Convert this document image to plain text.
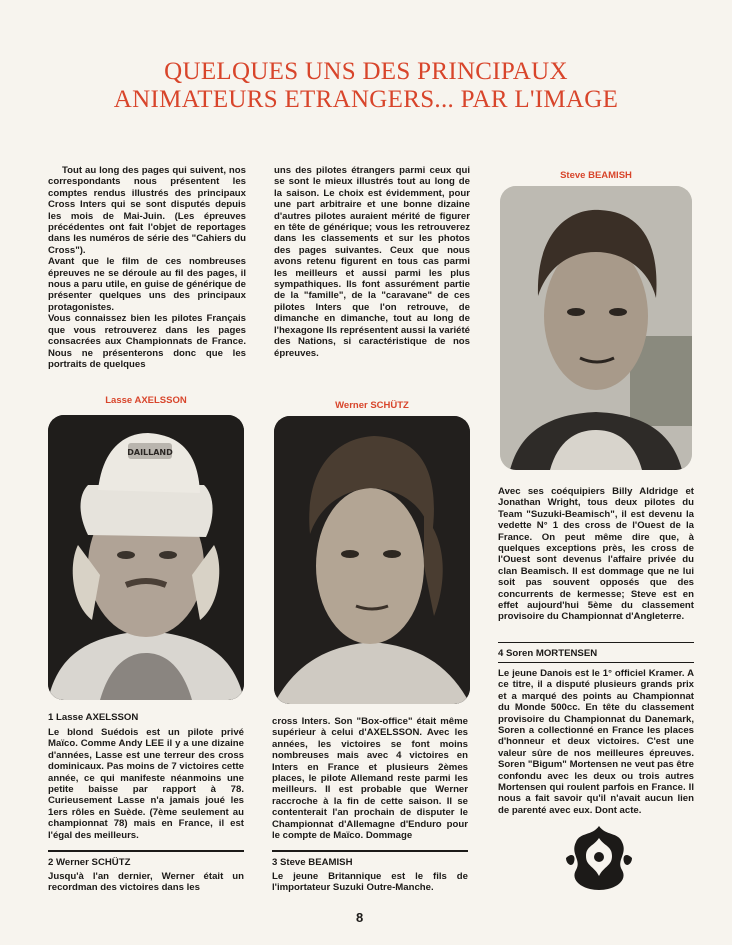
QUELQUES UNS DES PRINCIPAUX
ANIMATEURS ETRANGERS... PAR L'IMAGE

Tout au long des pages qui suivent, nos correspondants nous présentent les comptes rendus illustrés des principaux Cross Inters qui se sont disputés depuis les mois de Mai-Juin. (Les épreuves précédentes ont fait l'objet de reportages dans les numéros de série des "Cahiers du Cross").

Avant que le film de ces nombreuses épreuves ne se déroule au fil des pages, il nous a paru utile, en guise de générique de présenter quelques uns des principaux protagonistes.

Vous connaissez bien les pilotes Français que vous retrouverez dans les pages consacrées aux Championnats de France. Nous ne présenterons donc que les portraits de quelques

uns des pilotes étrangers parmi ceux qui se sont le mieux illustrés tout au long de la saison. Le choix est évidemment, pour une part arbitraire et une bonne dizaine d'autres pilotes auraient mérité de figurer en tête de générique; vous les retrouverez dans les classements et sur les photos des pages suivantes. Ceux que nous avons retenu figurent en tous cas parmi les meilleurs et aussi parmi les plus sympathiques. Ils font assurément partie de la "famille", de la "caravane" de ces pilotes Inters que l'on retrouve, de dimanche en dimanche, tout au long de l'hexagone Ils représentent aussi la variété des Nations, si caractéristique de nos épreuves.

Steve BEAMISH
Lasse AXELSSON
DAILLAND
Werner SCHÜTZ

Avec ses coéquipiers Billy Aldridge et Jonathan Wright, tous deux pilotes du Team "Suzuki-Beamisch", il est devenu la vedette N° 1 des cross de l'Ouest de la France. On peut même dire que, à quelques exceptions près, les cross de l'Ouest sont devenus l'affaire privée du clan Beamisch. Il est dommage que ne lui soit pas souvent opposés que des concurrents de kermesse; Steve est en effet aujourd'hui 5ème du classement provisoire du Championnat d'Angleterre.

4 Soren MORTENSEN

Le jeune Danois est le 1° officiel Kramer. A ce titre, il a disputé plusieurs grands prix et a marqué des points au Championnat du Monde 500cc. En tête du classement provisoire du Championnat du Danemark, Soren a collectionné en France les places d'honneur et deux victoires. C'est une valeur sûre de nos meilleures épreuves. Soren "Bigum" Mortensen ne veut pas être confondu avec les deux ou trois autres Mortensen qui roulent parfois en France. Il nous a fait savoir qu'il n'avait aucun lien de parenté avec eux. Dont acte.

1 Lasse AXELSSON

Le blond Suédois est un pilote privé Maïco. Comme Andy LEE il y a une dizaine d'années, Lasse est une terreur des cross dominicaux. Pas moins de 7 victoires cette année, ce qui manifeste néanmoins une petite baisse par rapport à 78. Curieusement Lasse n'a jamais joué les 1ers rôles en Suède. (7ème seulement au championnat 78) mais en France, il est l'égal des meilleurs.

2 Werner SCHÜTZ

Jusqu'à l'an dernier, Werner était un recordman des victoires dans les

cross Inters. Son "Box-office" était même supérieur à celui d'AXELSSON. Avec les années, les victoires se font moins nombreuses mais avec 4 victoires en Inters en France et plusieurs 2èmes places, le pilote Allemand reste parmi les meilleurs. Il est probable que Werner raccroche à la fin de cette saison. Il se contenterait l'an prochain de disputer le Championnat d'Allemagne d'Enduro pour le compte de Maïco. Dommage

3 Steve BEAMISH

Le jeune Britannique est le fils de l'importateur Suzuki Outre-Manche.

8
